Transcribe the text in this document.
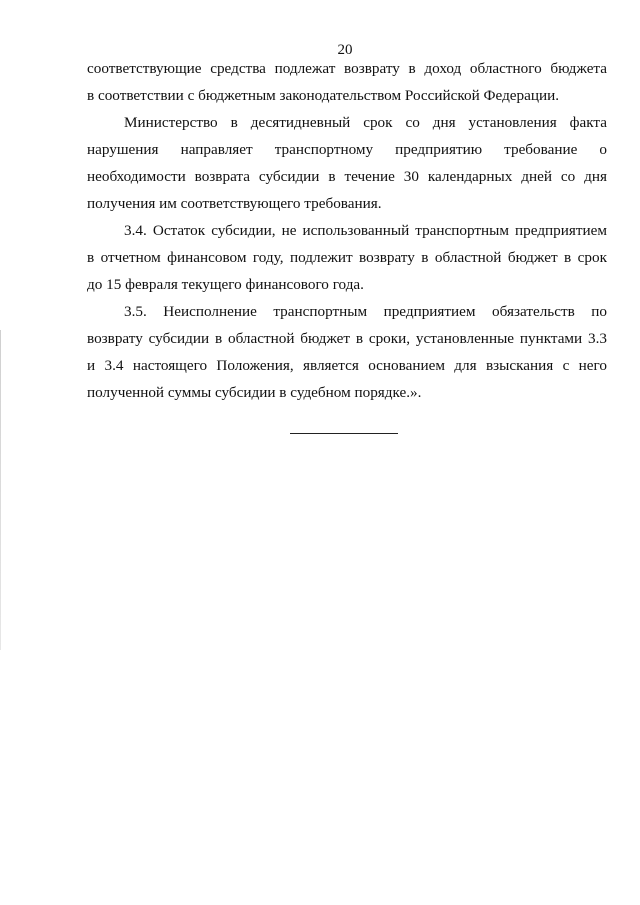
20
соответствующие средства подлежат возврату в доход областного бюджета
в соответствии с бюджетным законодательством Российской Федерации.
Министерство в десятидневный срок со дня установления факта
нарушения направляет транспортному предприятию требование о
необходимости возврата субсидии в течение 30 календарных дней со дня
получения им соответствующего требования.
3.4. Остаток субсидии, не использованный транспортным предприятием
в отчетном финансовом году, подлежит возврату в областной бюджет в срок
до 15 февраля текущего финансового года.
3.5. Неисполнение транспортным предприятием обязательств по
возврату субсидии в областной бюджет в сроки, установленные пунктами 3.3
и 3.4 настоящего Положения, является основанием для взыскания с него
полученной суммы субсидии в судебном порядке.».
